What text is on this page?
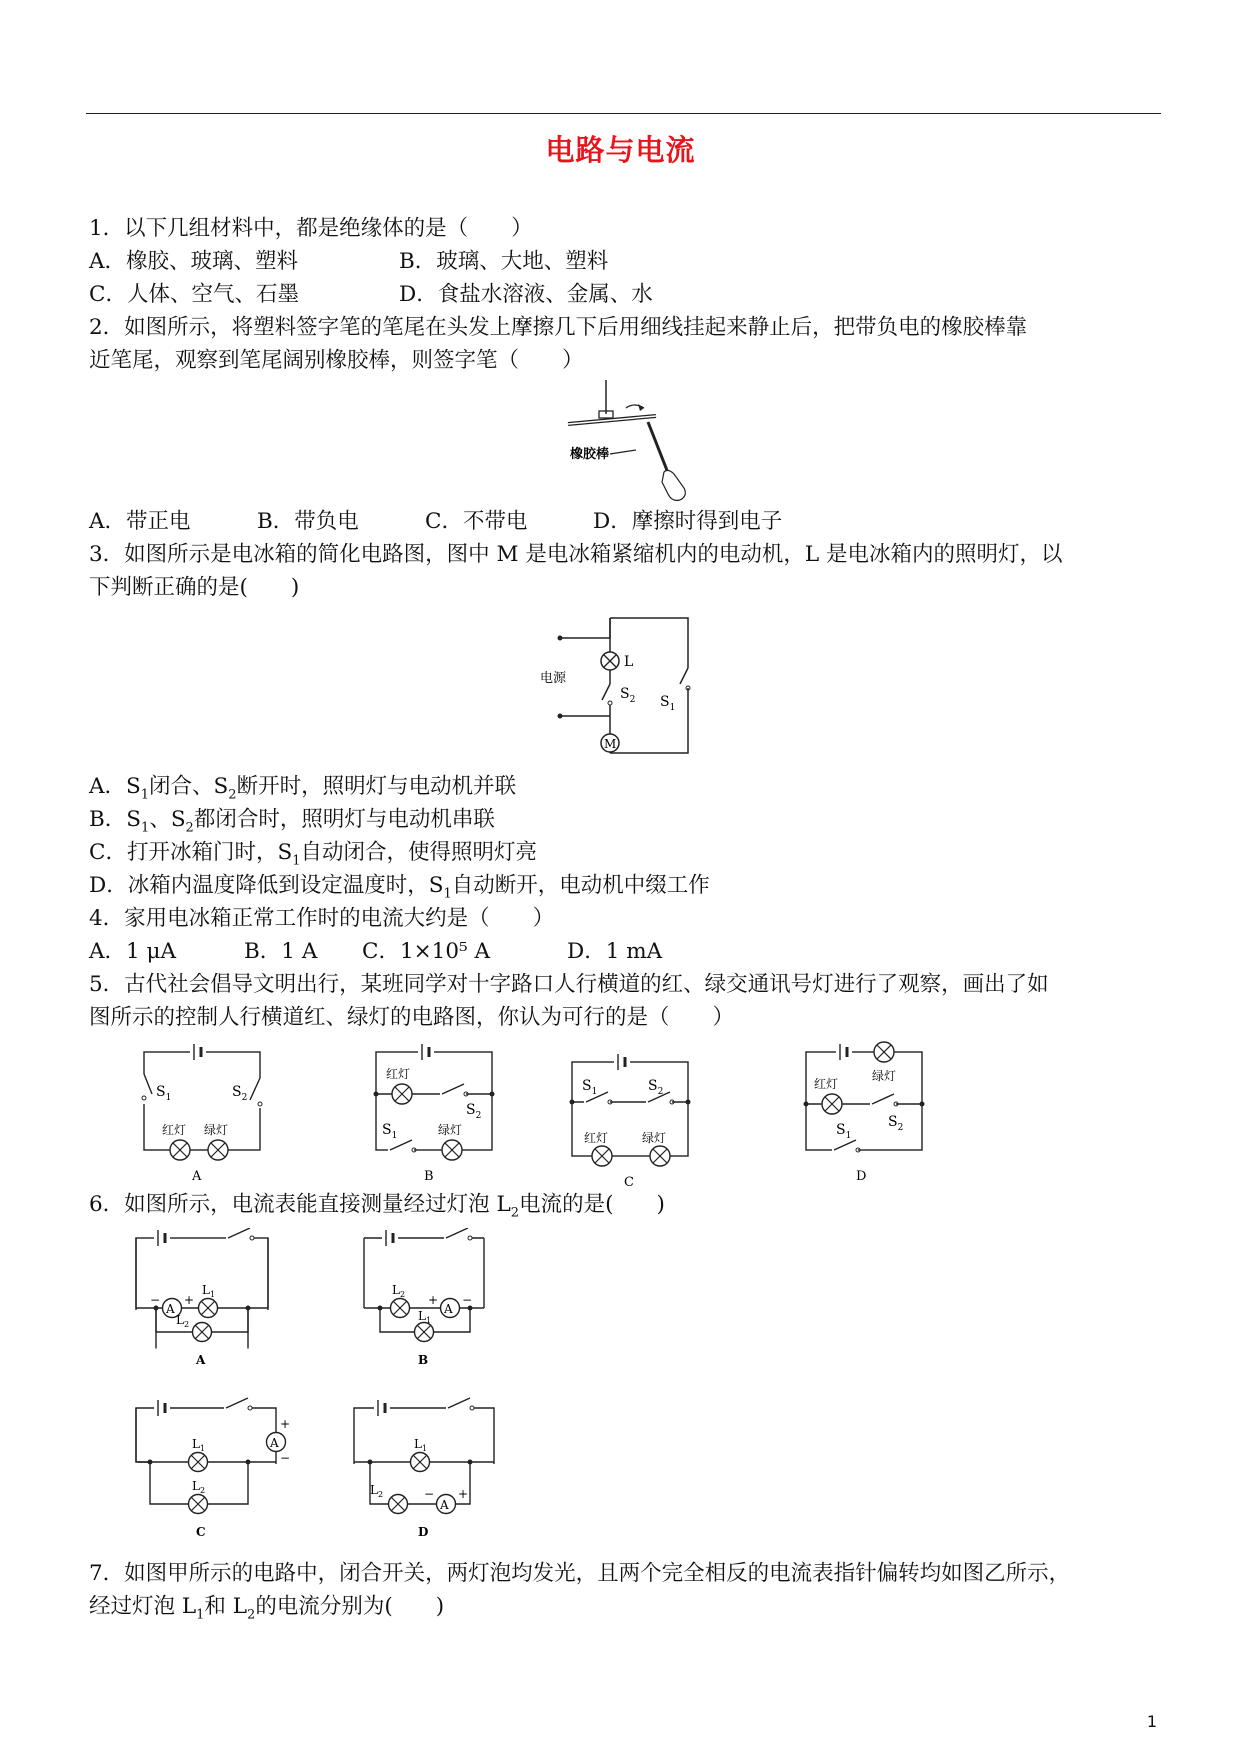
电路与电流
1．以下几组材料中，都是绝缘体的是（　　）
A．橡胶、玻璃、塑料	B．玻璃、大地、塑料
C．人体、空气、石墨	D．食盐水溶液、金属、水
2．如图所示，将塑料签字笔的笔尾在头发上摩擦几下后用细线挂起来静止后，把带负电的橡胶棒靠
近笔尾，观察到笔尾阔别橡胶棒，则签字笔（　　）
橡胶棒
A．带正电	B．带负电	C．不带电	D．摩擦时得到电子
3．如图所示是电冰箱的简化电路图，图中 M 是电冰箱紧缩机内的电动机，L 是电冰箱内的照明灯，以
下判断正确的是(　　)
M
电源
L
$S_2$ $S_1$
A．$S_1$闭合、$S_2$断开时，照明灯与电动机并联
B．$S_1$、$S_2$都闭合时，照明灯与电动机串联
C．打开冰箱门时，$S_1$自动闭合，使得照明灯亮
D．冰箱内温度降低到设定温度时，$S_1$自动断开，电动机中缀工作
4．家用电冰箱正常工作时的电流大约是（　　）
A．1 μA	B．1 A C．1×10⁵ A	D．1 mA
5．古代社会倡导文明出行，某班同学对十字路口人行横道的红、绿交通讯号灯进行了观察，画出了如
图所示的控制人行横道红、绿灯的电路图，你认为可行的是（　　）
$S_1$	$S_2$
红灯 绿灯
A
红灯
$S_2$
$S_1$	绿灯
B
$S_1$	$S_2$
红灯	绿灯
C
绿灯
红灯
$S_2$
$S_1$
D
6．如图所示，电流表能直接测量经过灯泡 $L_2$电流的是(　　)
A
− +
$L_1$
$L_2$
A
A
+ −
$L_2$
$L_1$
B
A
+
−
$L_1$
$L_2$
C
A
− +
$L_1$
$L_2$
D
7．如图甲所示的电路中，闭合开关，两灯泡均发光，且两个完全相反的电流表指针偏转均如图乙所示，
经过灯泡 $L_1$和 $L_2$的电流分别为(　　)
1
